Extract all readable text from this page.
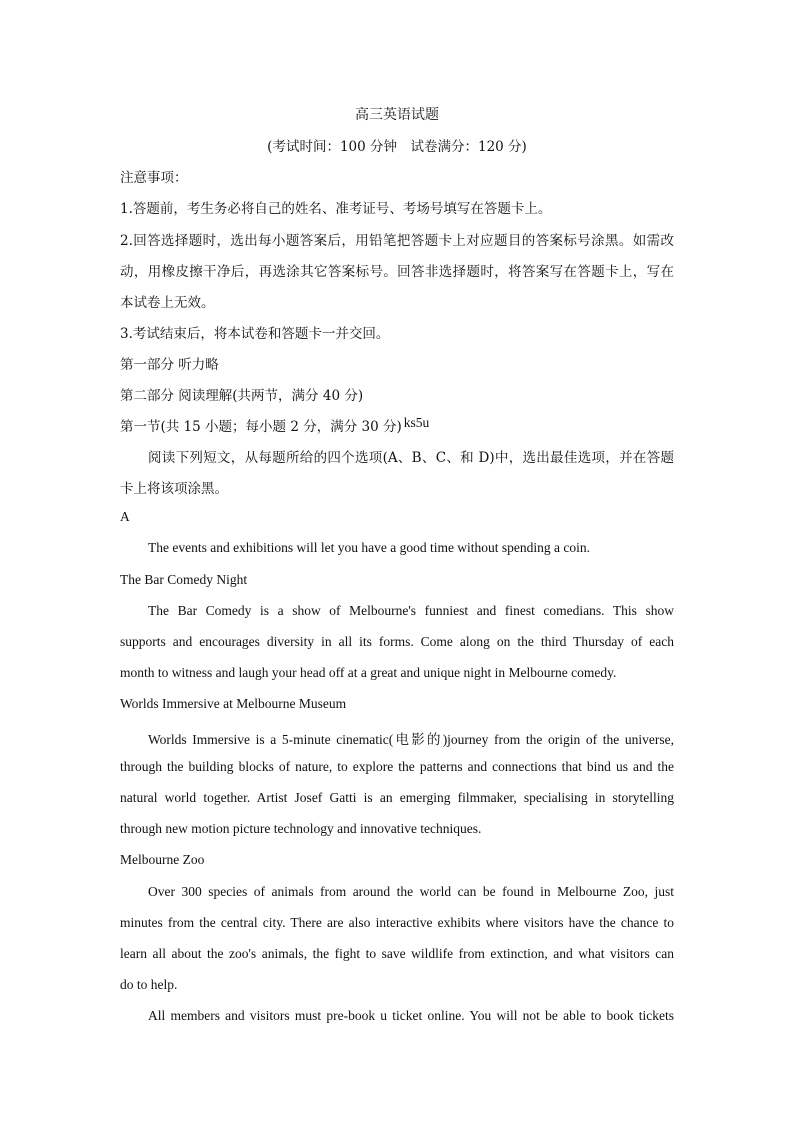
高三英语试题
(考试时间：100 分钟　试卷满分：120 分)
注意事项：
1.答题前，考生务必将自己的姓名、准考证号、考场号填写在答题卡上。
2.回答选择题时，选出每小题答案后，用铅笔把答题卡上对应题目的答案标号涂黑。如需改
动，用橡皮擦干净后，再选涂其它答案标号。回答非选择题时，将答案写在答题卡上，写在
本试卷上无效。
3.考试结束后，将本试卷和答题卡一并交回。
第一部分 听力略
第二部分 阅读理解(共两节，满分 40 分)
第一节(共 15 小题；每小题 2 分，满分 30 分) ks5u
阅读下列短文，从每题所给的四个选项(A、B、C、和 D)中，选出最佳选项，并在答题
卡上将该项涂黑。
A
The events and exhibitions will let you have a good time without spending a coin.
The Bar Comedy Night
The Bar Comedy is a show of Melbourne's funniest and finest comedians. This show
supports and encourages diversity in all its forms. Come along on the third Thursday of each
month to witness and laugh your head off at a great and unique night in Melbourne comedy.
Worlds Immersive at Melbourne Museum
Worlds Immersive is a 5-minute cinematic(电影的)journey from the origin of the universe,
through the building blocks of nature, to explore the patterns and connections that bind us and the
natural world together. Artist Josef Gatti is an emerging filmmaker, specialising in storytelling
through new motion picture technology and innovative techniques.
Melbourne Zoo
Over 300 species of animals from around the world can be found in Melbourne Zoo, just
minutes from the central city. There are also interactive exhibits where visitors have the chance to
learn all about the zoo's animals, the fight to save wildlife from extinction, and what visitors can
do to help.
All members and visitors must pre-book u ticket online. You will not be able to book tickets
